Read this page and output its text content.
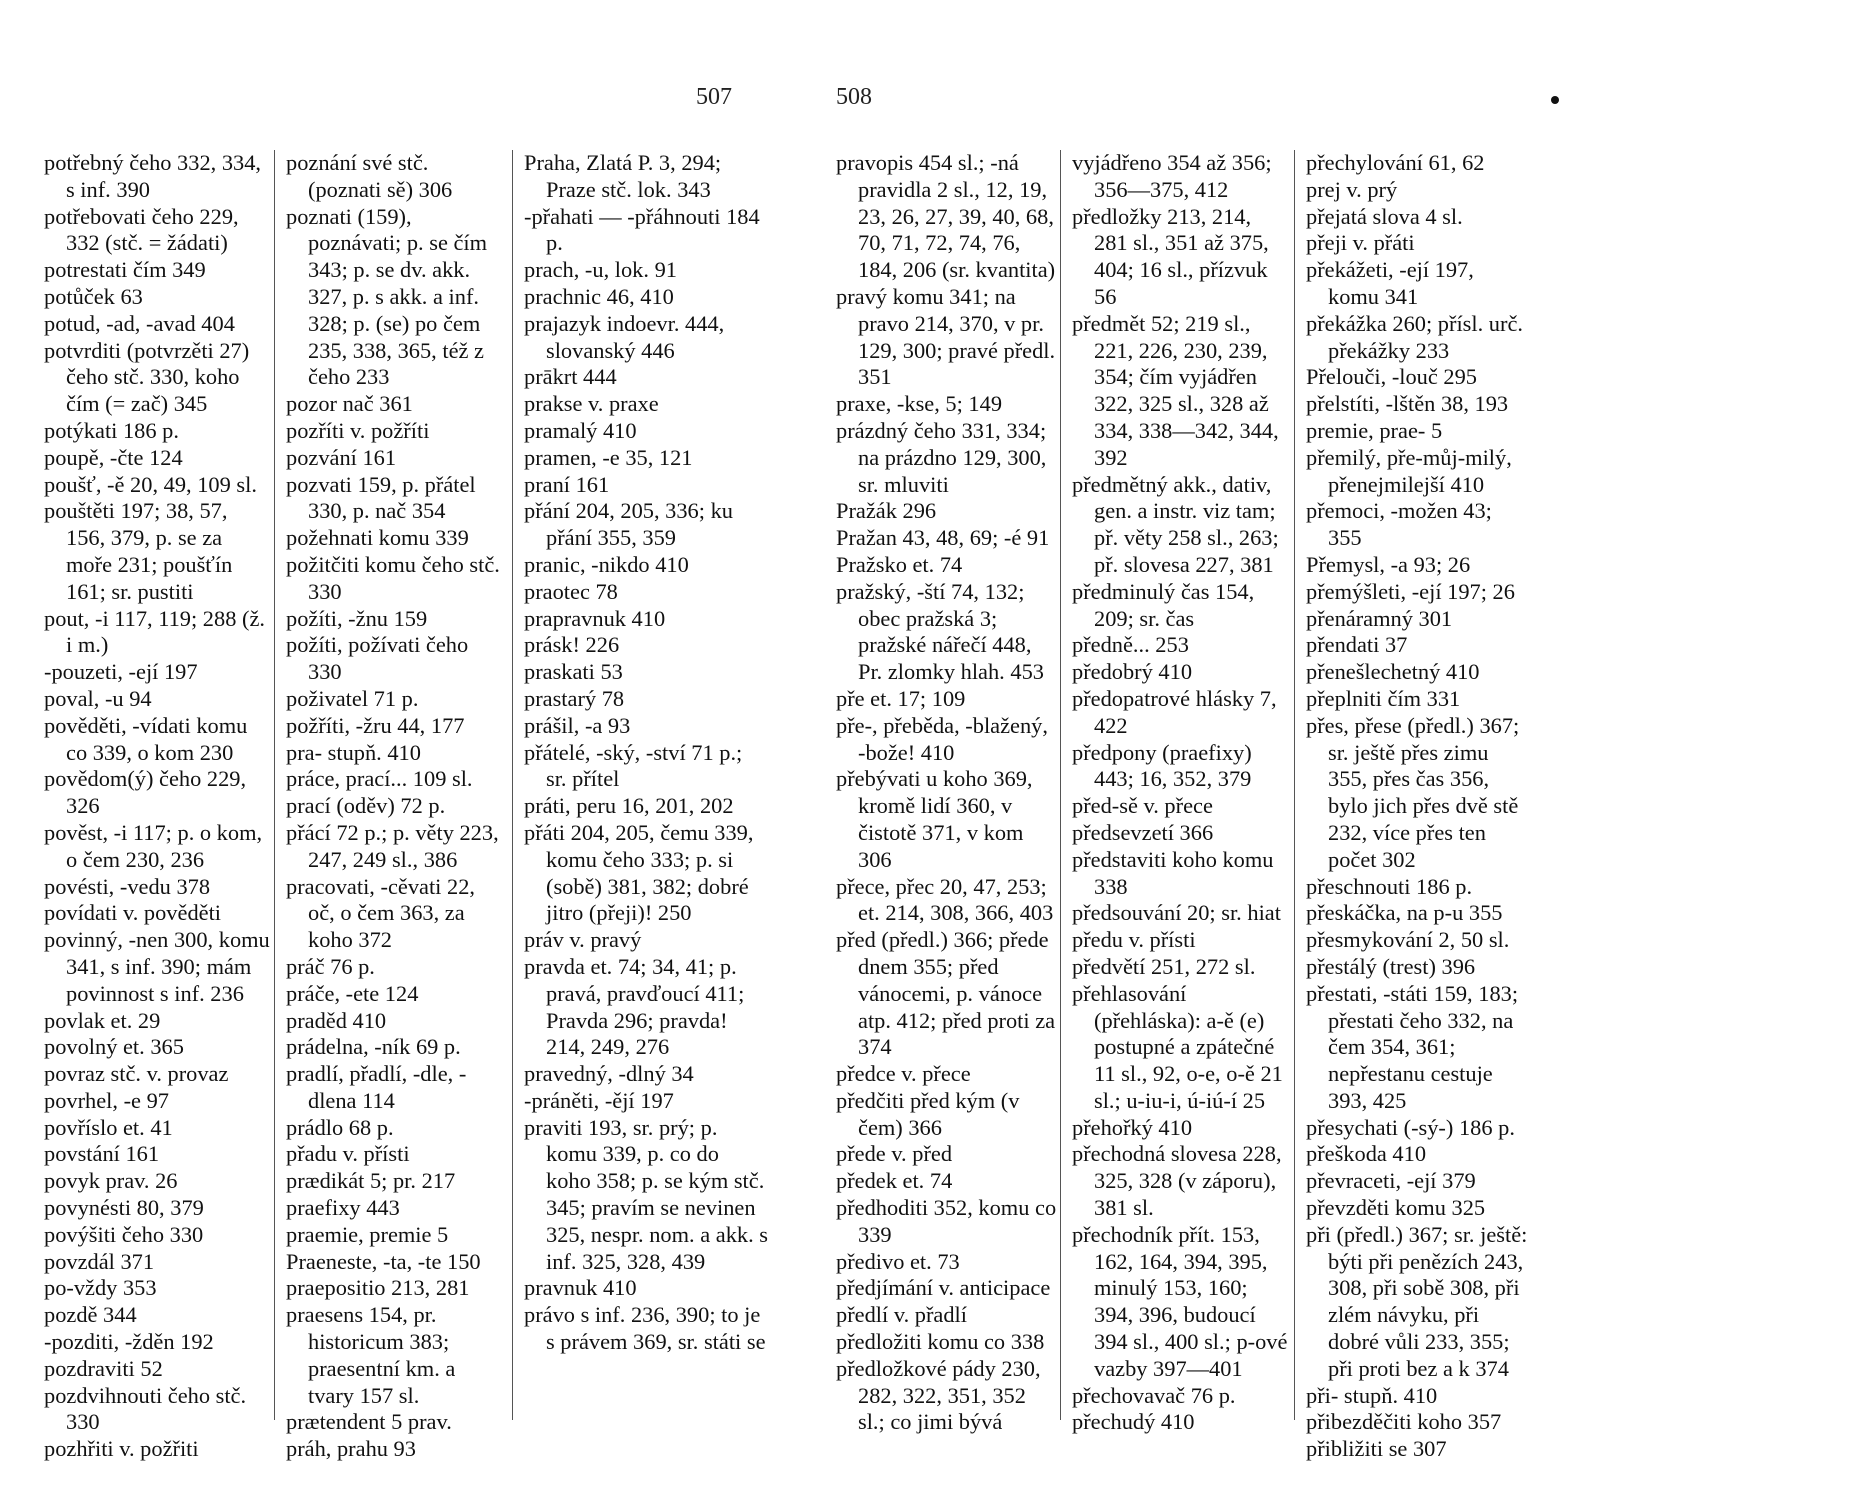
507	508

potřebný čeho 332, 334, s inf. 390

potřebovati čeho 229, 332 (stč. = žádati)

potrestati čím 349

potůček 63

potud, -ad, -avad 404

potvrditi (potvrzěti 27) čeho stč. 330, koho čím (= zač) 345

potýkati 186 p.

poupě, -čte 124

poušť, -ě 20, 49, 109 sl.

pouštěti 197; 38, 57, 156, 379, p. se za moře 231; poušťín 161; sr. pustiti

pout, -i 117, 119; 288 (ž. i m.)

-pouzeti, -ejí 197

poval, -u 94

pověděti, -vídati komu co 339, o kom 230

povědom(ý) čeho 229, 326

pověst, -i 117; p. o kom, o čem 230, 236

povésti, -vedu 378

povídati v. pověděti

povinný, -nen 300, komu 341, s inf. 390; mám povinnost s inf. 236

povlak et. 29

povolný et. 365

povraz stč. v. provaz

povrhel, -e 97

povříslo et. 41

povstání 161

povyk prav. 26

povynésti 80, 379

povýšiti čeho 330

povzdál 371

po-vždy 353

pozdě 344

-pozditi, -žděn 192

pozdraviti 52

pozdvihnouti čeho stč. 330

pozhřiti v. požřiti

poznání své stč. (poznati sě) 306

poznati (159), poznávati; p. se čím 343; p. se dv. akk. 327, p. s akk. a inf. 328; p. (se) po čem 235, 338, 365, též z čeho 233

pozor nač 361

pozříti v. požříti

pozvání 161

pozvati 159, p. přátel 330, p. nač 354

požehnati komu 339

požitčiti komu čeho stč. 330

požíti, -žnu 159

požíti, požívati čeho 330

poživatel 71 p.

požříti, -žru 44, 177

pra- stupň. 410

práce, prací... 109 sl.

prací (oděv) 72 p.

přácí 72 p.; p. věty 223, 247, 249 sl., 386

pracovati, -cěvati 22, oč, o čem 363, za koho 372

práč 76 p.

práče, -ete 124

praděd 410

prádelna, -ník 69 p.

pradlí, přadlí, -dle, -dlena 114

prádlo 68 p.

přadu v. přísti

prædikát 5; pr. 217

praefixy 443

praemie, premie 5

Praeneste, -ta, -te 150

praepositio 213, 281

praesens 154, pr. historicum 383; praesentní km. a tvary 157 sl.

prætendent 5 prav.

práh, prahu 93

Praha, Zlatá P. 3, 294; Praze stč. lok. 343

-přahati — -přáhnouti 184 p.

prach, -u, lok. 91

prachnic 46, 410

prajazyk indoevr. 444, slovanský 446

prākrt 444

prakse v. praxe

pramalý 410

pramen, -e 35, 121

praní 161

přání 204, 205, 336; ku přání 355, 359

pranic, -nikdo 410

praotec 78

prapravnuk 410

prásk! 226

praskati 53

prastarý 78

prášil, -a 93

přátelé, -ský, -ství 71 p.; sr. přítel

práti, peru 16, 201, 202

přáti 204, 205, čemu 339, komu čeho 333; p. si (sobě) 381, 382; dobré jitro (přeji)! 250

práv v. pravý

pravda et. 74; 34, 41; p. pravá, pravďoucí 411; Pravda 296; pravda! 214, 249, 276

pravedný, -dlný 34

-práněti, -ějí 197

praviti 193, sr. prý; p. komu 339, p. co do koho 358; p. se kým stč. 345; pravím se nevinen 325, nespr. nom. a akk. s inf. 325, 328, 439

pravnuk 410

právo s inf. 236, 390; to je s právem 369, sr. státi se

pravopis 454 sl.; -ná pravidla 2 sl., 12, 19, 23, 26, 27, 39, 40, 68, 70, 71, 72, 74, 76, 184, 206 (sr. kvantita)

pravý komu 341; na pravo 214, 370, v pr. 129, 300; pravé předl. 351

praxe, -kse, 5; 149

prázdný čeho 331, 334; na prázdno 129, 300, sr. mluviti

Pražák 296

Pražan 43, 48, 69; -é 91

Pražsko et. 74

pražský, -ští 74, 132; obec pražská 3; pražské nářečí 448, Pr. zlomky hlah. 453

pře et. 17; 109

pře-, přeběda, -blažený, -bože! 410

přebývati u koho 369, kromě lidí 360, v čistotě 371, v kom 306

přece, přec 20, 47, 253; et. 214, 308, 366, 403

před (předl.) 366; přede dnem 355; před vánocemi, p. vánoce atp. 412; před proti za 374

předce v. přece

předčiti před kým (v čem) 366

přede v. před

předek et. 74

předhoditi 352, komu co 339

předivo et. 73

předjímání v. anticipace

předlí v. přadlí

předložiti komu co 338

předložkové pády 230, 282, 322, 351, 352 sl.; co jimi bývá

vyjádřeno 354 až 356; 356—375, 412

předložky 213, 214, 281 sl., 351 až 375, 404; 16 sl., přízvuk 56

předmět 52; 219 sl., 221, 226, 230, 239, 354; čím vyjádřen 322, 325 sl., 328 až 334, 338—342, 344, 392

předmětný akk., dativ, gen. a instr. viz tam; př. věty 258 sl., 263; př. slovesa 227, 381

předminulý čas 154, 209; sr. čas

předně... 253

předobrý 410

předopatrové hlásky 7, 422

předpony (praefixy) 443; 16, 352, 379

před-sě v. přece

předsevzetí 366

představiti koho komu 338

předsouvání 20; sr. hiat

předu v. přísti

předvětí 251, 272 sl.

přehlasování (přehláska): a-ě (e) postupné a zpátečné 11 sl., 92, o-e, o-ě 21 sl.; u-iu-i, ú-iú-í 25

přehořký 410

přechodná slovesa 228, 325, 328 (v záporu), 381 sl.

přechodník přít. 153, 162, 164, 394, 395, minulý 153, 160; 394, 396, budoucí 394 sl., 400 sl.; p-ové vazby 397—401

přechovavač 76 p.

přechudý 410

přechylování 61, 62

prej v. prý

přejatá slova 4 sl.

přeji v. přáti

překážeti, -ejí 197, komu 341

překážka 260; přísl. urč. překážky 233

Přelouči, -louč 295

přelstíti, -lštěn 38, 193

premie, prae- 5

přemilý, pře-můj-milý, přenejmilejší 410

přemoci, -možen 43; 355

Přemysl, -a 93; 26

přemýšleti, -ejí 197; 26

přenáramný 301

přendati 37

přenešlechetný 410

přeplniti čím 331

přes, přese (předl.) 367; sr. ještě přes zimu 355, přes čas 356, bylo jich přes dvě stě 232, více přes ten počet 302

přeschnouti 186 p.

přeskáčka, na p-u 355

přesmykování 2, 50 sl.

přestálý (trest) 396

přestati, -státi 159, 183; přestati čeho 332, na čem 354, 361; nepřestanu cestuje 393, 425

přesychati (-sý-) 186 p.

přeškoda 410

převraceti, -ejí 379

převzděti komu 325

při (předl.) 367; sr. ještě: býti při penězích 243, 308, při sobě 308, při zlém návyku, při dobré vůli 233, 355; při proti bez a k 374

při- stupň. 410

přibezděčiti koho 357

přibližiti se 307
